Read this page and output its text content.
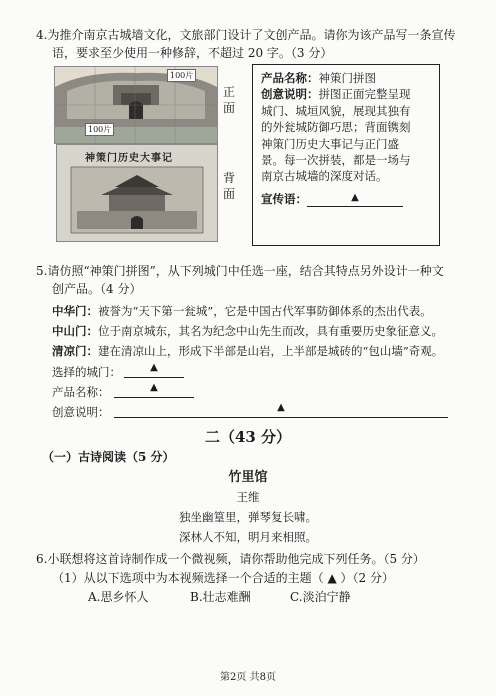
4.为推介南京古城墙文化，文旅部门设计了文创产品。请你为该产品写一条宣传
语，要求至少使用一种修辞，不超过 20 字。（3 分）
100片
100片
正面
神策门历史大事记
背面

产品名称：神策门拼图

创意说明：拼图正面完整呈现

城门、城垣风貌，展现其独有

的外瓮城防御巧思；背面镌刻

神策门历史大事记与正门盛

景。每一次拼装，都是一场与

南京古城墙的深度对话。

宣传语：	▲

5.请仿照“神策门拼图”，从下列城门中任选一座，结合其特点另外设计一种文
创产品。（4 分）
中华门：被誉为“天下第一瓮城”，它是中国古代军事防御体系的杰出代表。
中山门：位于南京城东，其名为纪念中山先生而改，具有重要历史象征意义。
清凉门：建在清凉山上，形成下半部是山岩，上半部是城砖的“包山墙”奇观。
选择的城门：	▲
产品名称：	▲
创意说明：	▲
二（43 分）
（一）古诗阅读（5 分）
竹里馆
王维
独坐幽篁里，弹琴复长啸。
深林人不知，明月来相照。
6.小联想将这首诗制作成一个微视频，请你帮助他完成下列任务。（5 分）
（1）从以下选项中为本视频选择一个合适的主题（ ▲ ）（2 分）
A.思乡怀人	B.壮志难酬	C.淡泊宁静
第2页 共8页
